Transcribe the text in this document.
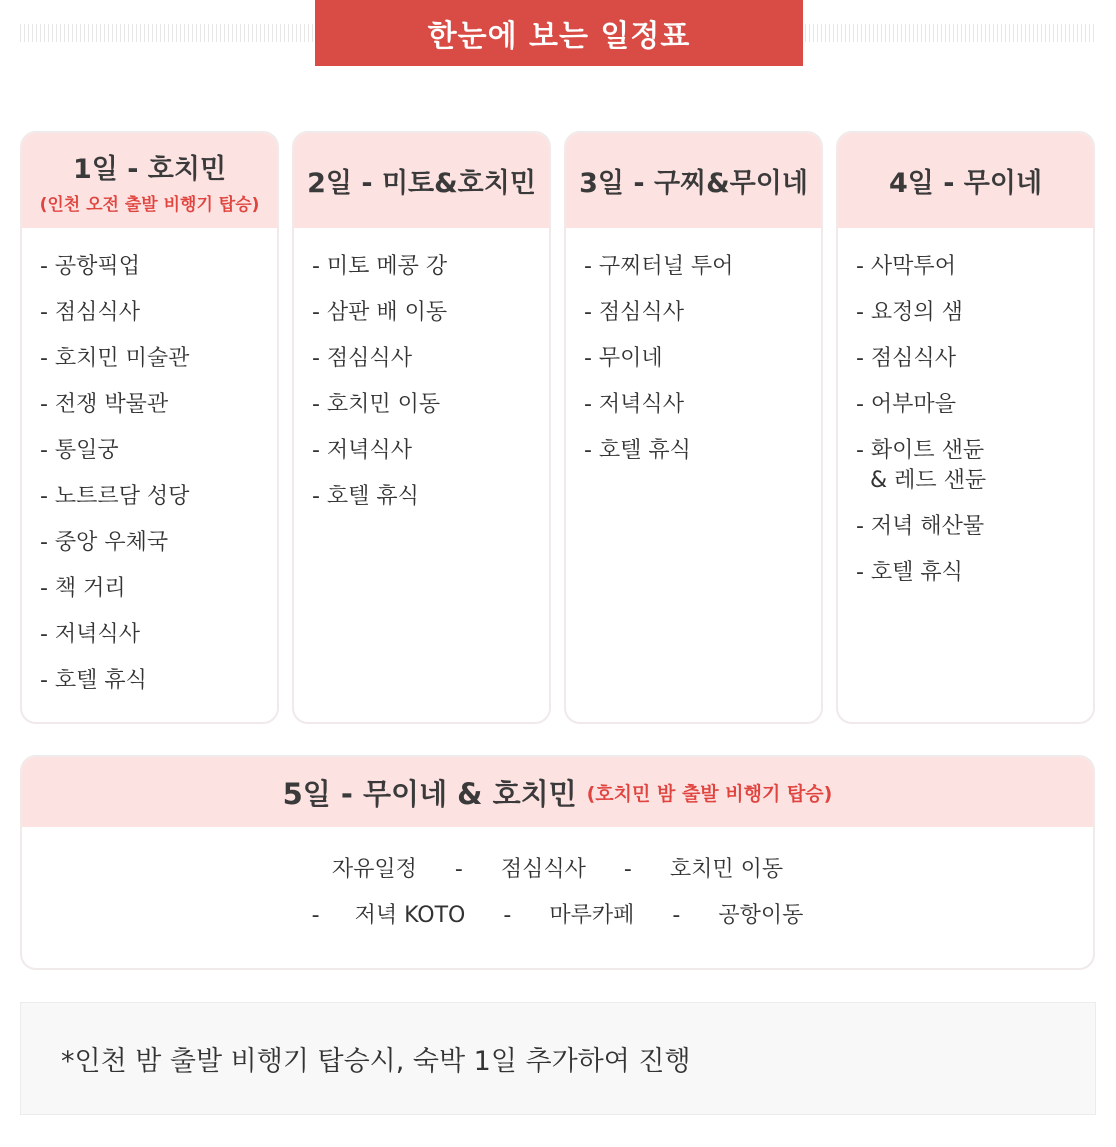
한눈에 보는 일정표
1일 - 호치민
(인천 오전 출발 비행기 탑승)
- 공항픽업
- 점심식사
- 호치민 미술관
- 전쟁 박물관
- 통일궁
- 노트르담 성당
- 중앙 우체국
- 책 거리
- 저녁식사
- 호텔 휴식
2일 - 미토&호치민
- 미토 메콩 강
- 삼판 배 이동
- 점심식사
- 호치민 이동
- 저녁식사
- 호텔 휴식
3일 - 구찌&무이네
- 구찌터널 투어
- 점심식사
- 무이네
- 저녁식사
- 호텔 휴식
4일 - 무이네
- 사막투어
- 요정의 샘
- 점심식사
- 어부마을
- 화이트 샌듄
& 레드 샌듄
- 저녁 해산물
- 호텔 휴식
5일 - 무이네 & 호치민 (호치민 밤 출발 비행기 탑승)
자유일정 - 점심식사 - 호치민 이동
- 저녁 KOTO - 마루카페 - 공항이동
*인천 밤 출발 비행기 탑승시, 숙박 1일 추가하여 진행
